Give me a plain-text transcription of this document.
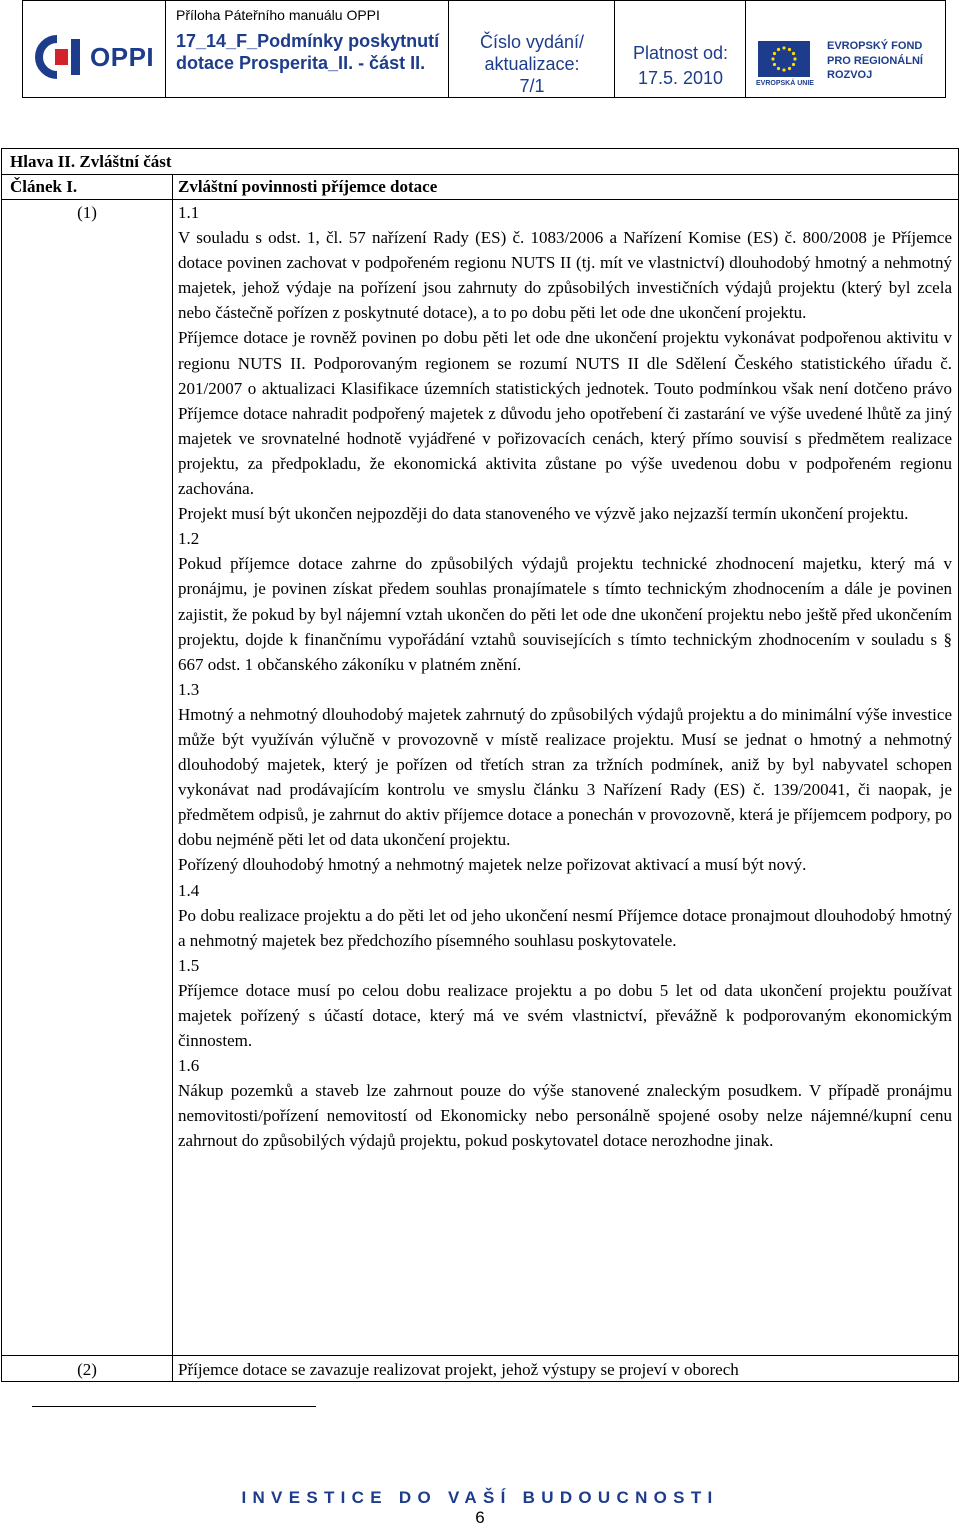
OPPI
Příloha Páteřního manuálu OPPI
17_14_F_Podmínky poskytnutí dotace Prosperita_II. - část II.
Číslo vydání/ aktualizace:
7/1
Platnost od:
17.5. 2010	EVROPSKÁ UNIE
EVROPSKÝ FOND
PRO REGIONÁLNÍ
ROZVOJ
Hlava II. Zvláštní část
Článek I.	Zvláštní povinnosti příjemce dotace
(1)	1.1

V souladu s odst. 1, čl. 57 nařízení Rady (ES) č. 1083/2006 a Nařízení Komise (ES) č. 800/2008 je Příjemce dotace povinen zachovat v podpořeném regionu NUTS II (tj. mít ve vlastnictví) dlouhodobý hmotný a nehmotný majetek, jehož výdaje na pořízení jsou zahrnuty do způsobilých investičních výdajů projektu (který byl zcela nebo částečně pořízen z poskytnuté dotace), a to po dobu pěti let ode dne ukončení projektu.

Příjemce dotace je rovněž povinen po dobu pěti let ode dne ukončení projektu vykonávat podpořenou aktivitu v regionu NUTS II. Podporovaným regionem se rozumí NUTS II dle Sdělení Českého statistického úřadu č. 201/2007 o aktualizaci Klasifikace územních statistických jednotek. Touto podmínkou však není dotčeno právo Příjemce dotace nahradit podpořený majetek z důvodu jeho opotřebení či zastarání ve výše uvedené lhůtě za jiný majetek ve srovnatelné hodnotě vyjádřené v pořizovacích cenách, který přímo souvisí s předmětem realizace projektu, za předpokladu, že ekonomická aktivita zůstane po výše uvedenou dobu v podpořeném regionu zachována.

Projekt musí být ukončen nejpozději do data stanoveného ve výzvě jako nejzazší termín ukončení projektu.

1.2

Pokud příjemce dotace zahrne do způsobilých výdajů projektu technické zhodnocení majetku, který má v pronájmu, je povinen získat předem souhlas pronajímatele s tímto technickým zhodnocením a dále je povinen zajistit, že pokud by byl nájemní vztah ukončen do pěti let ode dne ukončení projektu nebo ještě před ukončením projektu, dojde k finančnímu vypořádání vztahů souvisejících s tímto technickým zhodnocením v souladu s § 667 odst. 1 občanského zákoníku v platném znění.

1.3

Hmotný a nehmotný dlouhodobý majetek zahrnutý do způsobilých výdajů projektu a do minimální výše investice může být využíván výlučně v provozovně v místě realizace projektu. Musí se jednat o hmotný a nehmotný dlouhodobý majetek, který je pořízen od třetích stran za tržních podmínek, aniž by byl nabyvatel schopen vykonávat nad prodávajícím kontrolu ve smyslu článku 3 Nařízení Rady (ES) č. 139/20041, či naopak, je předmětem odpisů, je zahrnut do aktiv příjemce dotace a ponechán v provozovně, která je příjemcem podpory, po dobu nejméně pěti let od data ukončení projektu.

Pořízený dlouhodobý hmotný a nehmotný majetek nelze pořizovat aktivací a musí být nový.

1.4

Po dobu realizace projektu a do pěti let od jeho ukončení nesmí Příjemce dotace pronajmout dlouhodobý hmotný a nehmotný majetek bez předchozího písemného souhlasu poskytovatele.

1.5

Příjemce dotace musí po celou dobu realizace projektu a po dobu 5 let od data ukončení projektu používat majetek pořízený s účastí dotace, který má ve svém vlastnictví, převážně k podporovaným ekonomickým činnostem.

1.6

Nákup pozemků a staveb lze zahrnout pouze do výše stanovené znaleckým posudkem. V případě pronájmu nemovitosti/pořízení nemovitostí od Ekonomicky nebo personálně spojené osoby nelze nájemné/kupní cenu zahrnout do způsobilých výdajů projektu, pokud poskytovatel dotace nerozhodne jinak.

(2)	Příjemce dotace se zavazuje realizovat projekt, jehož výstupy se projeví v oborech
INVESTICE DO VAŠÍ BUDOUCNOSTI
6
